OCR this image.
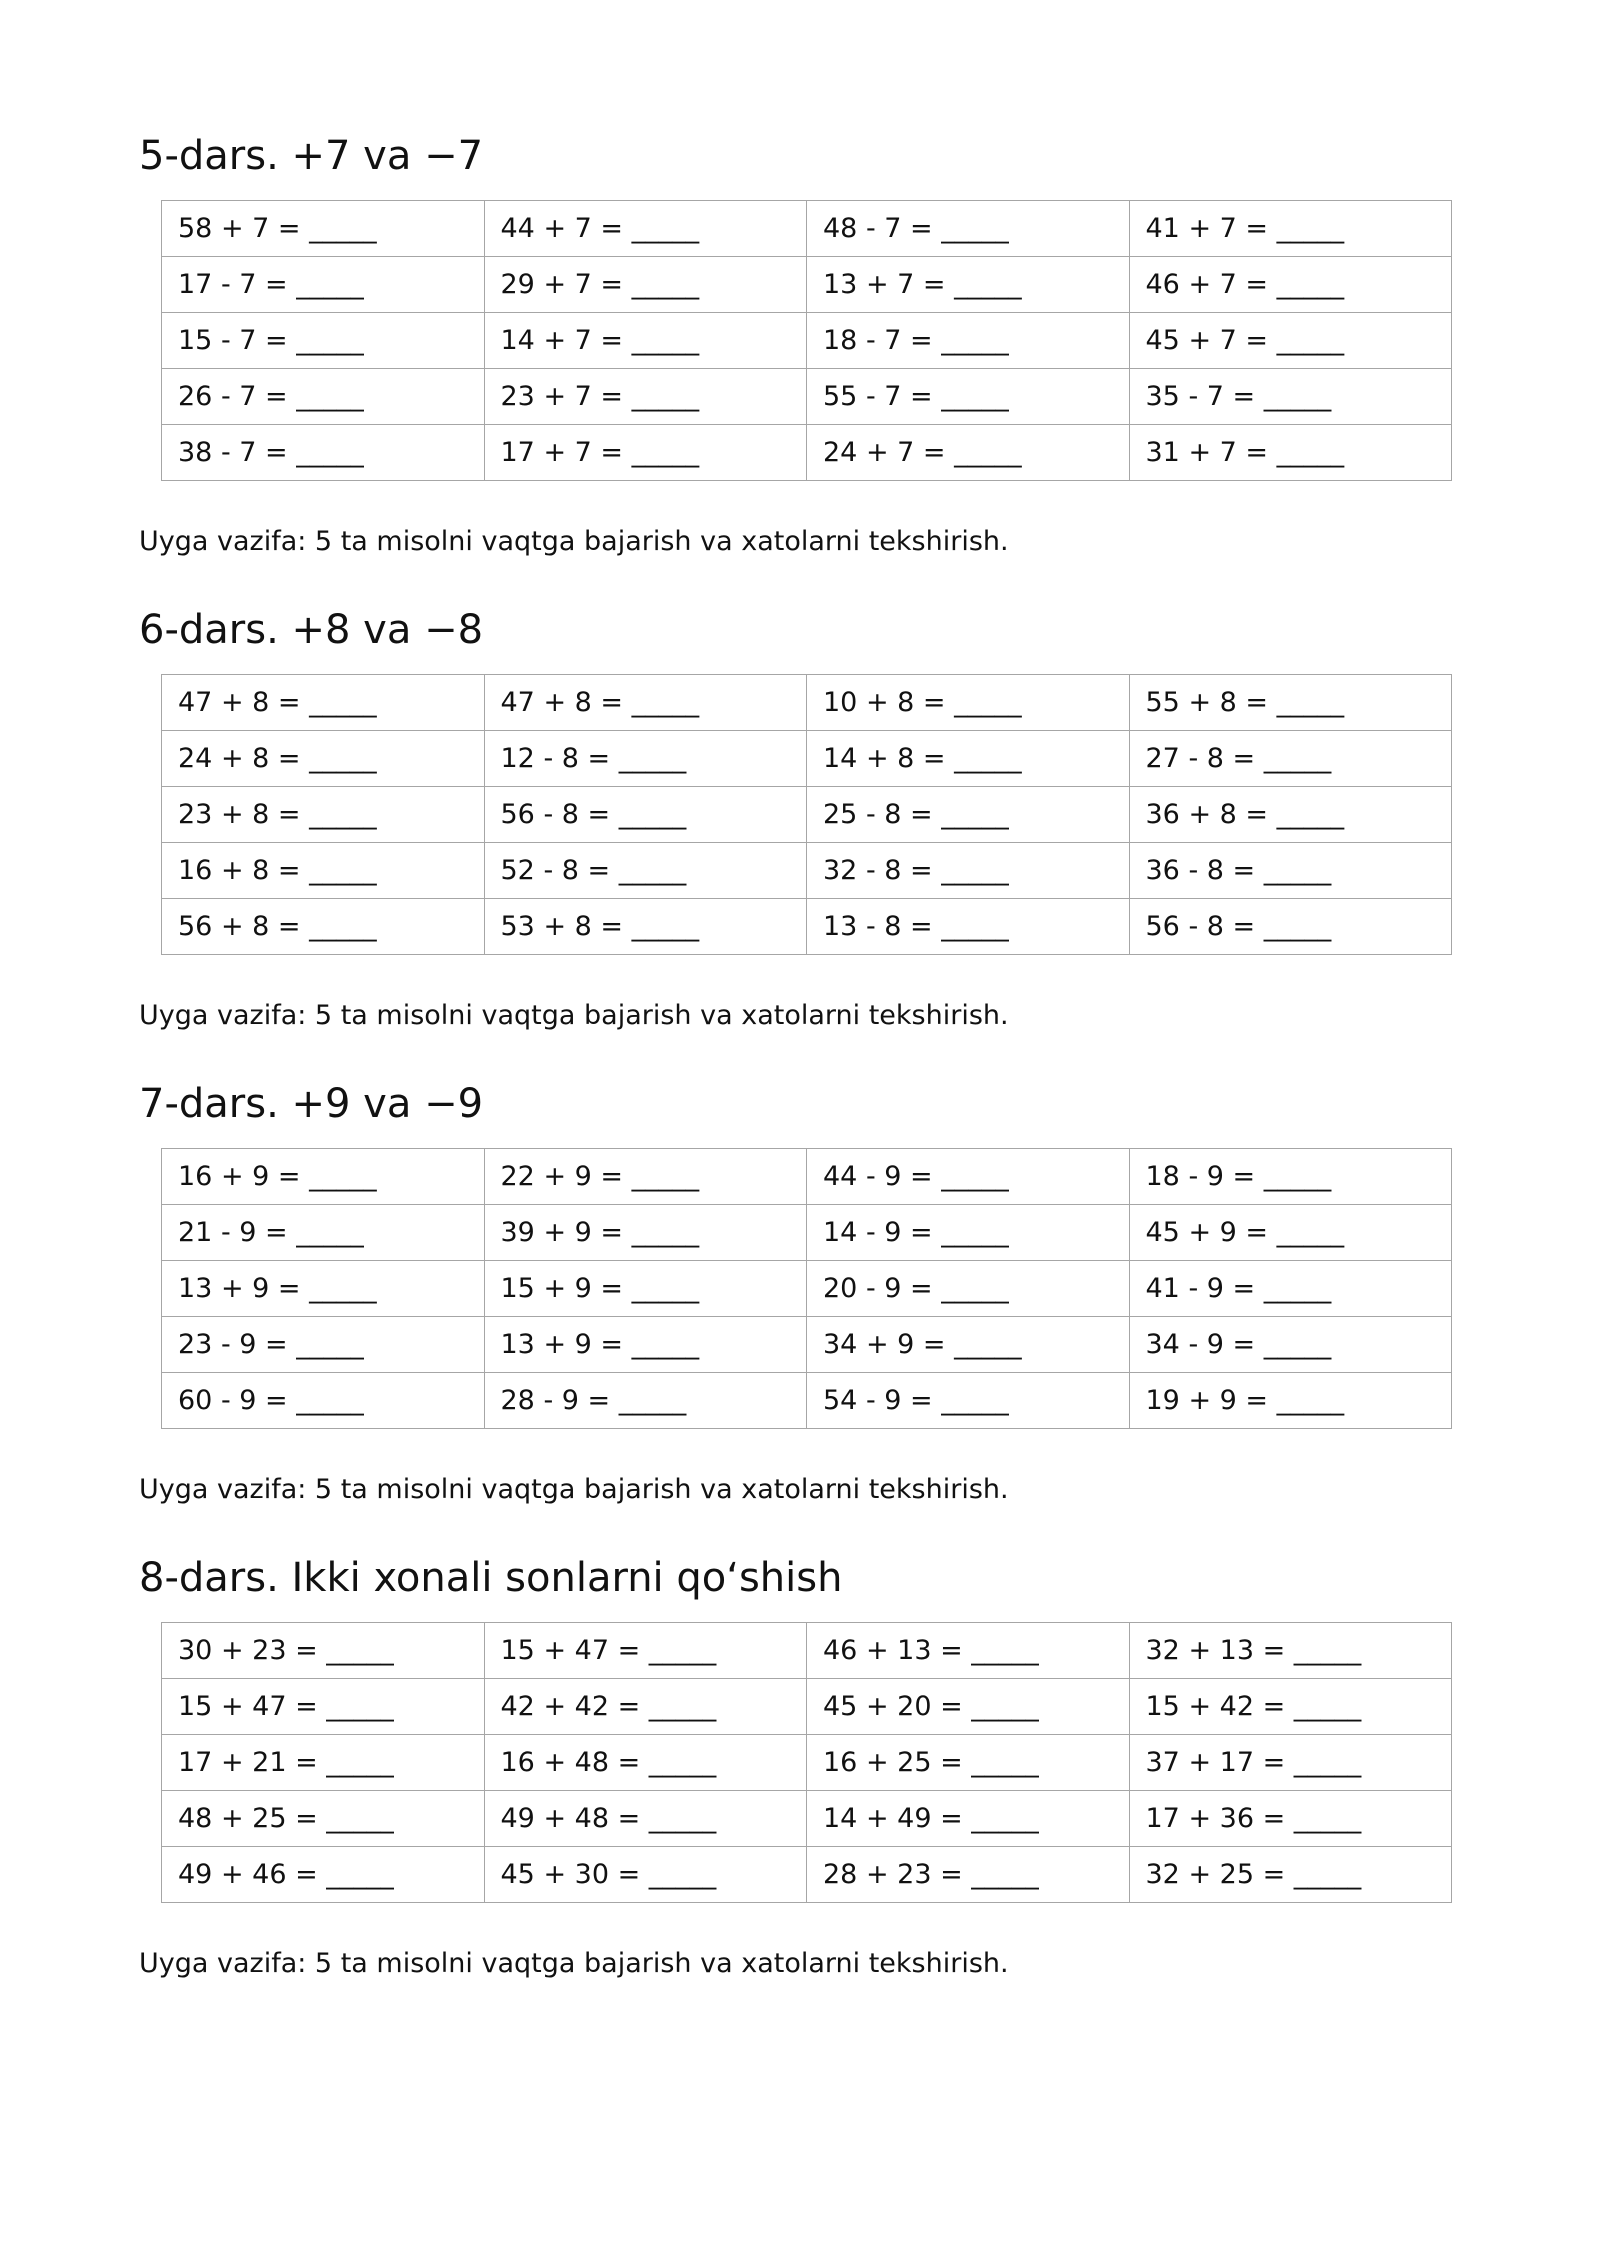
5-dars. +7 va −7
58 + 7 = _____	44 + 7 = _____	48 - 7 = _____	41 + 7 = _____
17 - 7 = _____	29 + 7 = _____	13 + 7 = _____	46 + 7 = _____
15 - 7 = _____	14 + 7 = _____	18 - 7 = _____	45 + 7 = _____
26 - 7 = _____	23 + 7 = _____	55 - 7 = _____	35 - 7 = _____
38 - 7 = _____	17 + 7 = _____	24 + 7 = _____	31 + 7 = _____

Uyga vazifa: 5 ta misolni vaqtga bajarish va xatolarni tekshirish.

6-dars. +8 va −8
47 + 8 = _____	47 + 8 = _____	10 + 8 = _____	55 + 8 = _____
24 + 8 = _____	12 - 8 = _____	14 + 8 = _____	27 - 8 = _____
23 + 8 = _____	56 - 8 = _____	25 - 8 = _____	36 + 8 = _____
16 + 8 = _____	52 - 8 = _____	32 - 8 = _____	36 - 8 = _____
56 + 8 = _____	53 + 8 = _____	13 - 8 = _____	56 - 8 = _____

Uyga vazifa: 5 ta misolni vaqtga bajarish va xatolarni tekshirish.

7-dars. +9 va −9
16 + 9 = _____	22 + 9 = _____	44 - 9 = _____	18 - 9 = _____
21 - 9 = _____	39 + 9 = _____	14 - 9 = _____	45 + 9 = _____
13 + 9 = _____	15 + 9 = _____	20 - 9 = _____	41 - 9 = _____
23 - 9 = _____	13 + 9 = _____	34 + 9 = _____	34 - 9 = _____
60 - 9 = _____	28 - 9 = _____	54 - 9 = _____	19 + 9 = _____

Uyga vazifa: 5 ta misolni vaqtga bajarish va xatolarni tekshirish.

8-dars. Ikki xonali sonlarni qo‘shish
30 + 23 = _____	15 + 47 = _____	46 + 13 = _____	32 + 13 = _____
15 + 47 = _____	42 + 42 = _____	45 + 20 = _____	15 + 42 = _____
17 + 21 = _____	16 + 48 = _____	16 + 25 = _____	37 + 17 = _____
48 + 25 = _____	49 + 48 = _____	14 + 49 = _____	17 + 36 = _____
49 + 46 = _____	45 + 30 = _____	28 + 23 = _____	32 + 25 = _____

Uyga vazifa: 5 ta misolni vaqtga bajarish va xatolarni tekshirish.
